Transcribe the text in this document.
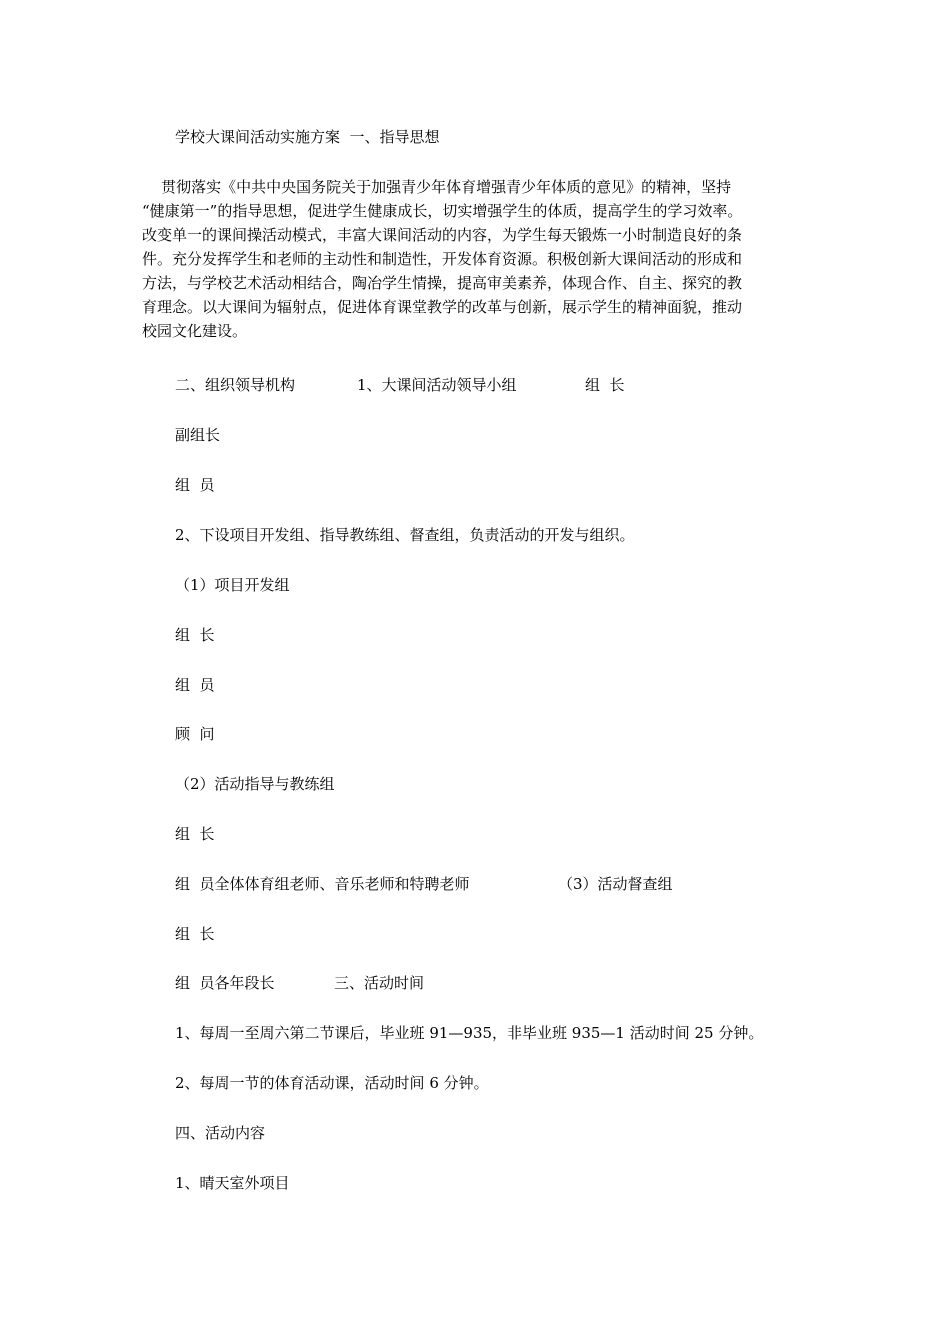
学校大课间活动实施方案  一、指导思想
贯彻落实《中共中央国务院关于加强青少年体育增强青少年体质的意见》的精神，坚持
“健康第一”的指导思想，促进学生健康成长，切实增强学生的体质，提高学生的学习效率。
改变单一的课间操活动模式，丰富大课间活动的内容，为学生每天锻炼一小时制造良好的条
件。充分发挥学生和老师的主动性和制造性，开发体育资源。积极创新大课间活动的形成和
方法，与学校艺术活动相结合，陶冶学生情操，提高审美素养，体现合作、自主、探究的教
育理念。以大课间为辐射点，促进体育课堂教学的改革与创新，展示学生的精神面貌，推动
校园文化建设。
二、组织领导机构	1、大课间活动领导小组	组  长
副组长
组  员
2、下设项目开发组、指导教练组、督查组，负责活动的开发与组织。
（1）项目开发组
组  长
组  员
顾  问
（2）活动指导与教练组
组  长
组  员全体体育组老师、音乐老师和特聘老师	（3）活动督查组
组  长
组  员各年段长	三、活动时间
1、每周一至周六第二节课后，毕业班 91—935，非毕业班 935—1 活动时间 25 分钟。
2、每周一节的体育活动课，活动时间 6 分钟。
四、活动内容
1、晴天室外项目
